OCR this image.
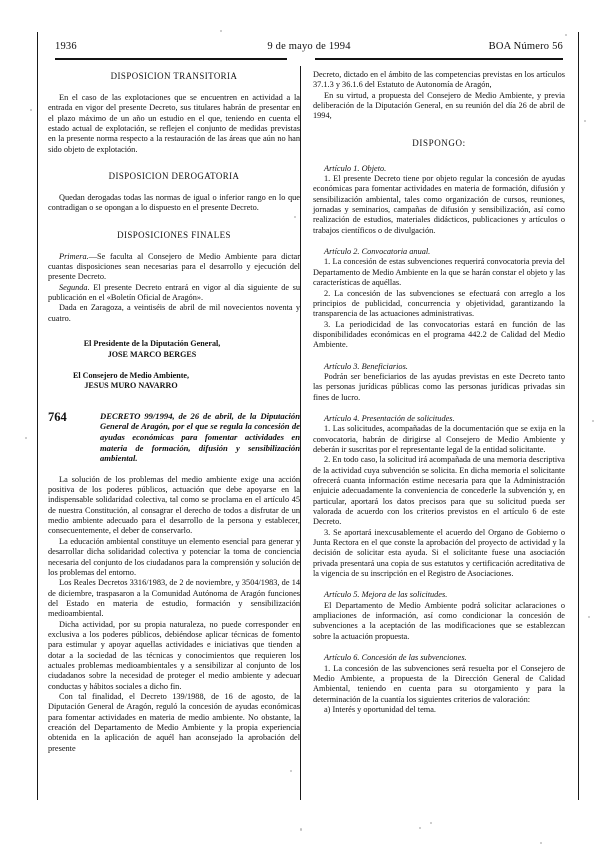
1936	9 de mayo de 1994	BOA Número 56

DISPOSICION TRANSITORIA

En el caso de las explotaciones que se encuentren en actividad a la entrada en vigor del presente Decreto, sus titulares habrán de presentar en el plazo máximo de un año un estudio en el que, teniendo en cuenta el estado actual de explotación, se reflejen el conjunto de medidas previstas en la presente norma respecto a la restauración de las áreas que aún no han sido objeto de explotación.

DISPOSICION DEROGATORIA

Quedan derogadas todas las normas de igual o inferior rango en lo que contradigan o se opongan a lo dispuesto en el presente Decreto.

DISPOSICIONES FINALES

Primera.—Se faculta al Consejero de Medio Ambiente para dictar cuantas disposiciones sean necesarias para el desarrollo y ejecución del presente Decreto.

Segunda. El presente Decreto entrará en vigor al día siguiente de su publicación en el «Boletín Oficial de Aragón».

Dada en Zaragoza, a veintiséis de abril de mil novecientos noventa y cuatro.

El Presidente de la Diputación General,

JOSE MARCO BERGES

El Consejero de Medio Ambiente,

JESUS MURO NAVARRO

764	DECRETO 99/1994, de 26 de abril, de la Diputación General de Aragón, por el que se regula la concesión de ayudas económicas para fomentar actividades en materia de formación, difusión y sensibilización ambiental.

La solución de los problemas del medio ambiente exige una acción positiva de los poderes públicos, actuación que debe apoyarse en la indispensable solidaridad colectiva, tal como se proclama en el artículo 45 de nuestra Constitución, al consagrar el derecho de todos a disfrutar de un medio ambiente adecuado para el desarrollo de la persona y establecer, consecuentemente, el deber de conservarlo.

La educación ambiental constituye un elemento esencial para generar y desarrollar dicha solidaridad colectiva y potenciar la toma de conciencia necesaria del conjunto de los ciudadanos para la comprensión y solución de los problemas del entorno.

Los Reales Decretos 3316/1983, de 2 de noviembre, y 3504/1983, de 14 de diciembre, traspasaron a la Comunidad Autónoma de Aragón funciones del Estado en materia de estudio, formación y sensibilización medioambiental.

Dicha actividad, por su propia naturaleza, no puede corresponder en exclusiva a los poderes públicos, debiéndose aplicar técnicas de fomento para estimular y apoyar aquellas actividades e iniciativas que tienden a dotar a la sociedad de las técnicas y conocimientos que requieren los actuales problemas medioambientales y a sensibilizar al conjunto de los ciudadanos sobre la necesidad de proteger el medio ambiente y adecuar conductas y hábitos sociales a dicho fin.

Con tal finalidad, el Decreto 139/1988, de 16 de agosto, de la Diputación General de Aragón, reguló la concesión de ayudas económicas para fomentar actividades en materia de medio ambiente. No obstante, la creación del Departamento de Medio Ambiente y la propia experiencia obtenida en la aplicación de aquél han aconsejado la aprobación del presente

Decreto, dictado en el ámbito de las competencias previstas en los artículos 37.1.3 y 36.1.6 del Estatuto de Autonomía de Aragón,

En su virtud, a propuesta del Consejero de Medio Ambiente, y previa deliberación de la Diputación General, en su reunión del día 26 de abril de 1994,

DISPONGO:

Artículo 1. Objeto.

1. El presente Decreto tiene por objeto regular la concesión de ayudas económicas para fomentar actividades en materia de formación, difusión y sensibilización ambiental, tales como organización de cursos, reuniones, jornadas y seminarios, campañas de difusión y sensibilización, así como realización de estudios, materiales didácticos, publicaciones y artículos o trabajos científicos o de divulgación.

Artículo 2. Convocatoria anual.

1. La concesión de estas subvenciones requerirá convocatoria previa del Departamento de Medio Ambiente en la que se harán constar el objeto y las características de aquéllas.

2. La concesión de las subvenciones se efectuará con arreglo a los principios de publicidad, concurrencia y objetividad, garantizando la transparencia de las actuaciones administrativas.

3. La periodicidad de las convocatorias estará en función de las disponibilidades económicas en el programa 442.2 de Calidad del Medio Ambiente.

Artículo 3. Beneficiarios.

Podrán ser beneficiarios de las ayudas previstas en este Decreto tanto las personas jurídicas públicas como las personas jurídicas privadas sin fines de lucro.

Artículo 4. Presentación de solicitudes.

1. Las solicitudes, acompañadas de la documentación que se exija en la convocatoria, habrán de dirigirse al Consejero de Medio Ambiente y deberán ir suscritas por el representante legal de la entidad solicitante.

2. En todo caso, la solicitud irá acompañada de una memoria descriptiva de la actividad cuya subvención se solicita. En dicha memoria el solicitante ofrecerá cuanta información estime necesaria para que la Administración enjuicie adecuadamente la conveniencia de concederle la subvención y, en particular, aportará los datos precisos para que su solicitud pueda ser valorada de acuerdo con los criterios previstos en el artículo 6 de este Decreto.

3. Se aportará inexcusablemente el acuerdo del Organo de Gobierno o Junta Rectora en el que conste la aprobación del proyecto de actividad y la decisión de solicitar esta ayuda. Si el solicitante fuese una asociación privada presentará una copia de sus estatutos y certificación acreditativa de la vigencia de su inscripción en el Registro de Asociaciones.

Artículo 5. Mejora de las solicitudes.

El Departamento de Medio Ambiente podrá solicitar aclaraciones o ampliaciones de información, así como condicionar la concesión de subvenciones a la aceptación de las modificaciones que se establezcan sobre la actuación propuesta.

Artículo 6. Concesión de las subvenciones.

1. La concesión de las subvenciones será resuelta por el Consejero de Medio Ambiente, a propuesta de la Dirección General de Calidad Ambiental, teniendo en cuenta para su otorgamiento y para la determinación de la cuantía los siguientes criterios de valoración:

a) Interés y oportunidad del tema.
